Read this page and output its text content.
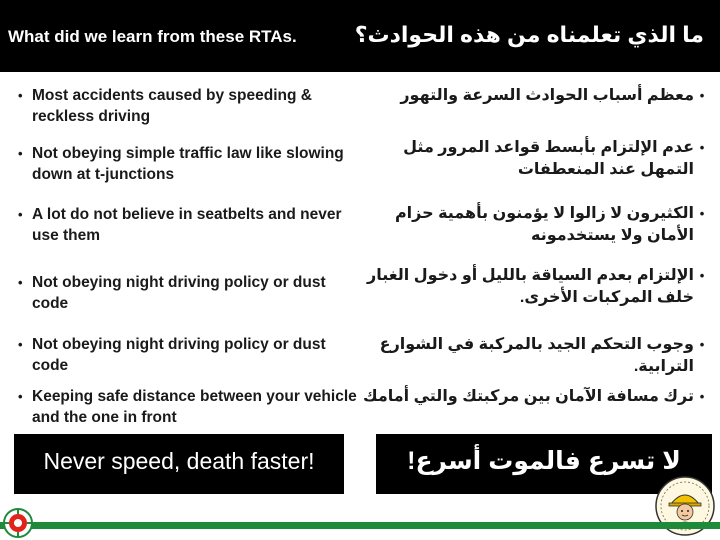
What did we learn from these RTAs.	ما الذي تعلمناه من هذه الحوادث؟
• Most accidents caused by speeding & reckless driving
• Not obeying simple traffic law like slowing down at t-junctions
• A lot do not believe in seatbelts and never use them
• Not obeying night driving policy or dust code
• Not obeying night driving policy or dust code
• Keeping safe distance between your vehicle and the one in front
•
معظم أسباب الحوادث السرعة والتهور
•
عدم الإلتزام بأبسط قواعد المرور مثل التمهل عند المنعطفات
•
الكثيرون لا زالوا لا يؤمنون بأهمية حزام الأمان ولا يستخدمونه
•
الإلتزام بعدم السياقة بالليل أو دخول الغبار خلف المركبات الأخرى.
•
وجوب التحكم الجيد بالمركبة في الشوارع الترابية.
•
ترك مسافة الآمان بين مركبتك والتي أمامك
Never speed, death faster!	لا تسرع فالموت أسرع!
